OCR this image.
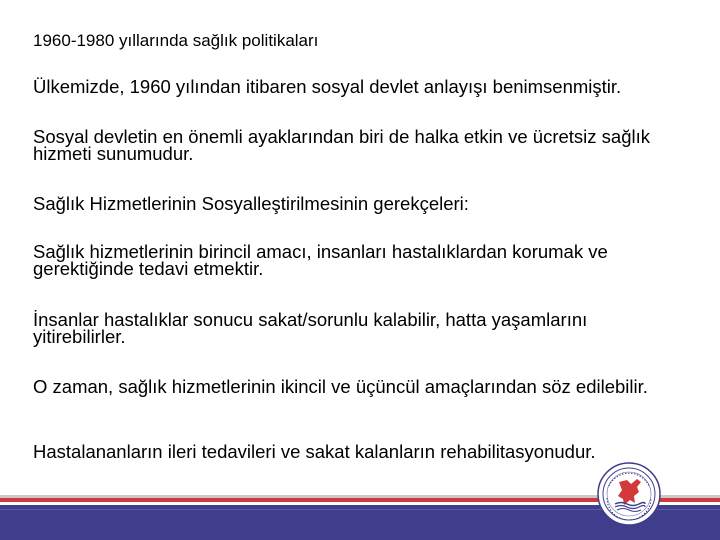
1960-1980 yıllarında sağlık politikaları

Ülkemizde, 1960 yılından itibaren sosyal devlet anlayışı benimsenmiştir.

Sosyal devletin en önemli ayaklarından biri de halka etkin ve ücretsiz sağlık hizmeti sunumudur.

Sağlık Hizmetlerinin Sosyalleştirilmesinin gerekçeleri:

Sağlık hizmetlerinin birincil amacı, insanları hastalıklardan korumak ve gerektiğinde tedavi etmektir.

İnsanlar hastalıklar sonucu sakat/sorunlu kalabilir, hatta yaşamlarını yitirebilirler.

O zaman, sağlık hizmetlerinin ikincil ve üçüncül amaçlarından söz edilebilir.

Hastalananların ileri tedavileri ve sakat kalanların rehabilitasyonudur.
